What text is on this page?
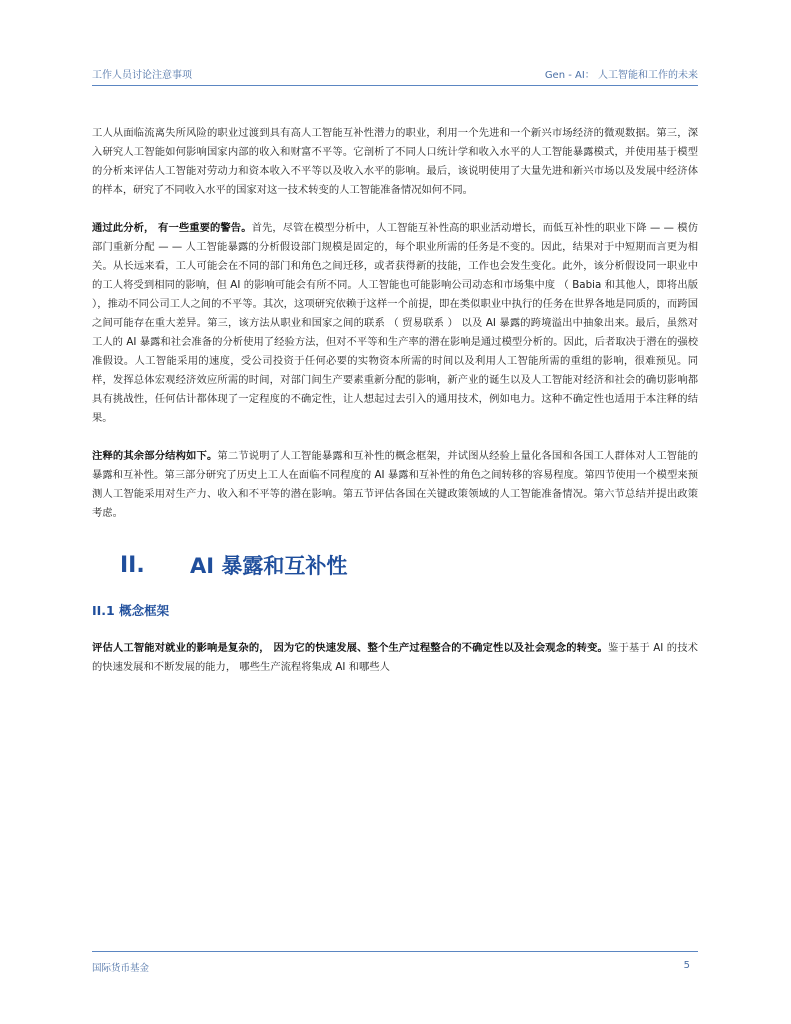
工作人员讨论注意事项	Gen - AI： 人工智能和工作的未来

工人从面临流离失所风险的职业过渡到具有高人工智能互补性潜力的职业，利用一个先进和一个新兴市场经济的微观数据。第三，深入研究人工智能如何影响国家内部的收入和财富不平等。它剖析了不同人口统计学和收入水平的人工智能暴露模式，并使用基于模型的分析来评估人工智能对劳动力和资本收入不平等以及收入水平的影响。最后，该说明使用了大量先进和新兴市场以及发展中经济体的样本，研究了不同收入水平的国家对这一技术转变的人工智能准备情况如何不同。

通过此分析， 有一些重要的警告。首先，尽管在模型分析中，人工智能互补性高的职业活动增长，而低互补性的职业下降 — — 模仿部门重新分配 — — 人工智能暴露的分析假设部门规模是固定的，每个职业所需的任务是不变的。因此，结果对于中短期而言更为相关。从长远来看，工人可能会在不同的部门和角色之间迁移，或者获得新的技能，工作也会发生变化。此外，该分析假设同一职业中的工人将受到相同的影响，但 AI 的影响可能会有所不同。人工智能也可能影响公司动态和市场集中度 （ Babia 和其他人，即将出版 ），推动不同公司工人之间的不平等。其次，这项研究依赖于这样一个前提，即在类似职业中执行的任务在世界各地是同质的，而跨国之间可能存在重大差异。第三，该方法从职业和国家之间的联系 （ 贸易联系 ） 以及 AI 暴露的跨境溢出中抽象出来。最后，虽然对工人的 AI 暴露和社会准备的分析使用了经验方法，但对不平等和生产率的潜在影响是通过模型分析的。因此，后者取决于潜在的强校准假设。人工智能采用的速度，受公司投资于任何必要的实物资本所需的时间以及利用人工智能所需的重组的影响，很难预见。同样，发挥总体宏观经济效应所需的时间，对部门间生产要素重新分配的影响，新产业的诞生以及人工智能对经济和社会的确切影响都具有挑战性，任何估计都体现了一定程度的不确定性，让人想起过去引入的通用技术，例如电力。这种不确定性也适用于本注释的结果。

注释的其余部分结构如下。第二节说明了人工智能暴露和互补性的概念框架，并试图从经验上量化各国和各国工人群体对人工智能的暴露和互补性。第三部分研究了历史上工人在面临不同程度的 AI 暴露和互补性的角色之间转移的容易程度。第四节使用一个模型来预测人工智能采用对生产力、收入和不平等的潜在影响。第五节评估各国在关键政策领域的人工智能准备情况。第六节总结并提出政策考虑。

II.	AI 暴露和互补性
II.1 概念框架

评估人工智能对就业的影响是复杂的， 因为它的快速发展、整个生产过程整合的不确定性以及社会观念的转变。鉴于基于 AI 的技术的快速发展和不断发展的能力， 哪些生产流程将集成 AI 和哪些人

国际货币基金	5
